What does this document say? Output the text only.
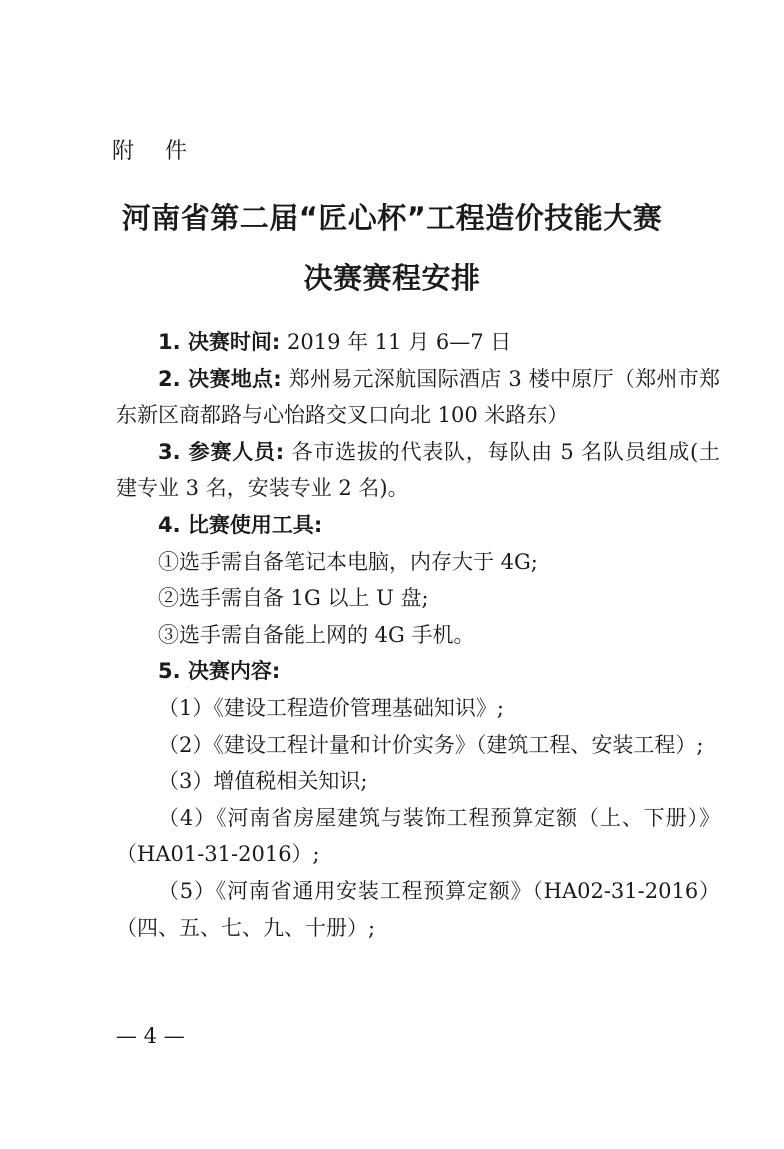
附 件

河南省第二届“匠心杯”工程造价技能大赛
决赛赛程安排

1. 决赛时间: 2019 年 11 月 6—7 日

2. 决赛地点: 郑州易元深航国际酒店 3 楼中原厅（郑州市郑东新区商都路与心怡路交叉口向北 100 米路东）

3. 参赛人员: 各市选拔的代表队，每队由 5 名队员组成(土建专业 3 名，安装专业 2 名)。

4. 比赛使用工具:

①选手需自备笔记本电脑，内存大于 4G;

②选手需自备 1G 以上 U 盘;

③选手需自备能上网的 4G 手机。

5. 决赛内容:

（1）《建设工程造价管理基础知识》;

（2）《建设工程计量和计价实务》（建筑工程、安装工程）;

（3）增值税相关知识;

（4）《河南省房屋建筑与装饰工程预算定额（上、下册）》（HA01-31-2016）;

（5）《河南省通用安装工程预算定额》（HA02-31-2016）（四、五、七、九、十册）;

— 4 —
